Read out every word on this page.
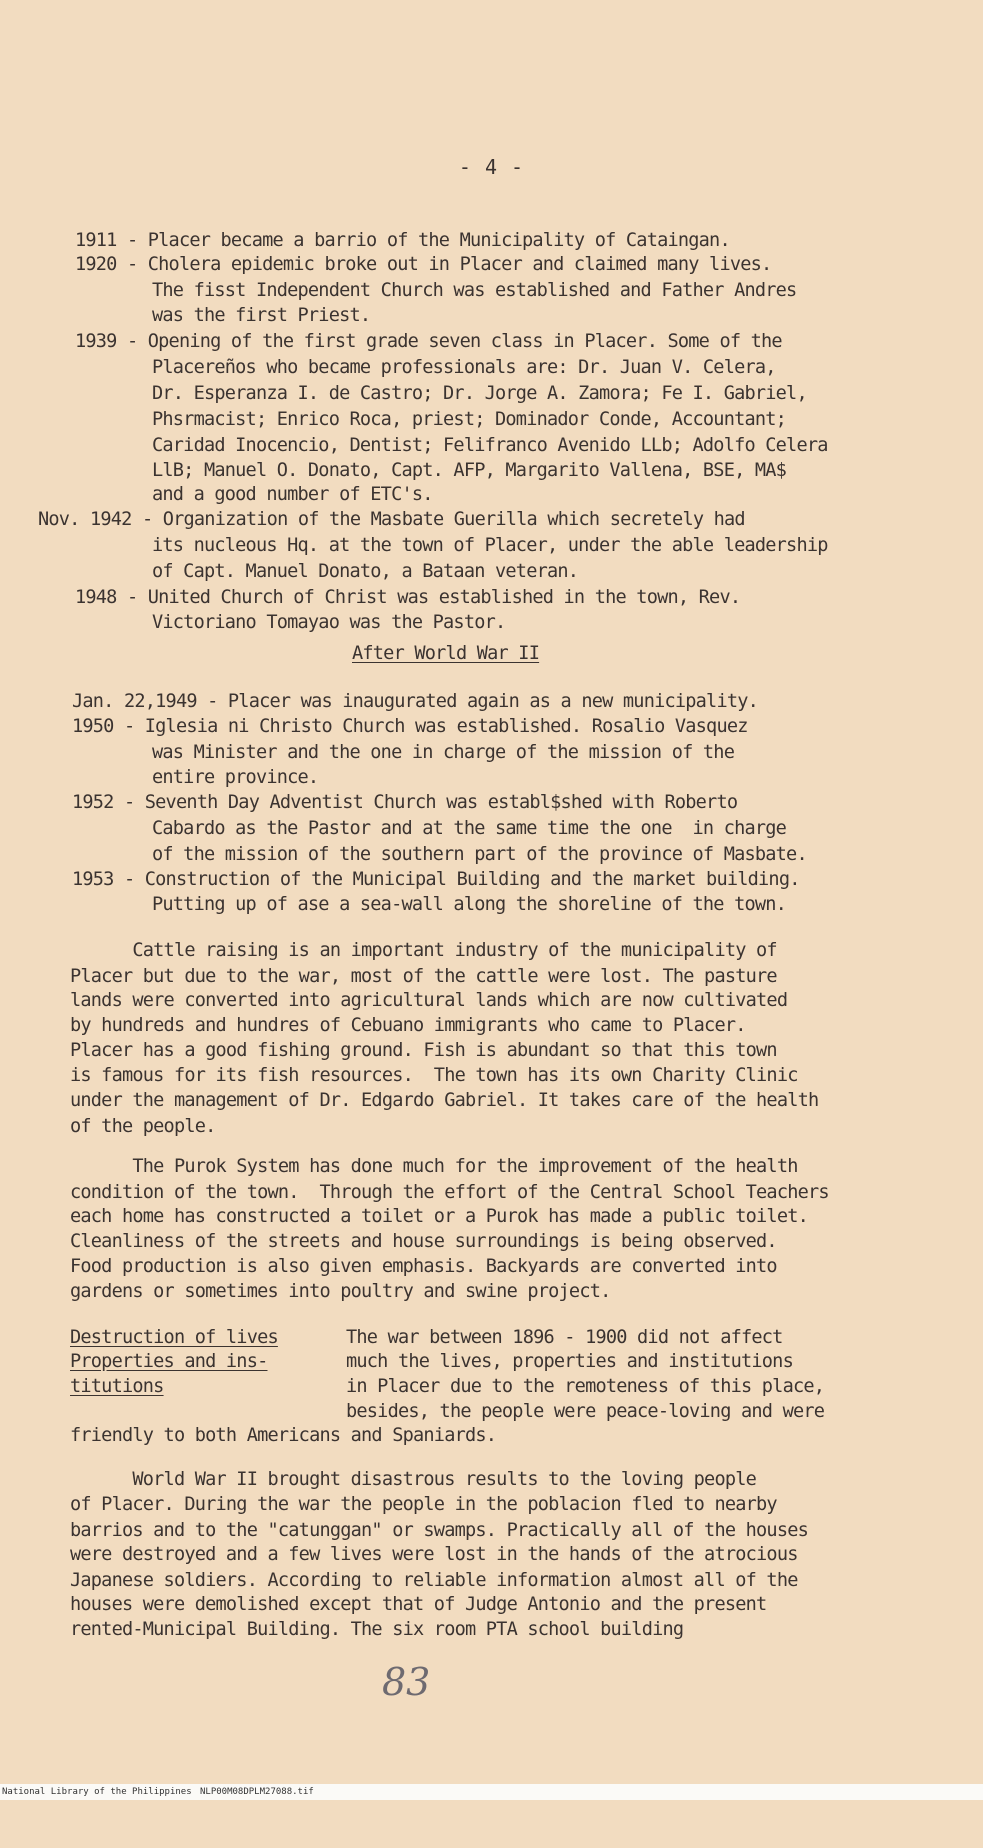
- 4 -
1911 - Placer became a barrio of the Municipality of Cataingan.
1920 - Cholera epidemic broke out in Placer and claimed many lives.
The fisst Independent Church was established and Father Andres
was the first Priest.
1939 - Opening of the first grade seven class in Placer. Some of the
Placereños who became professionals are: Dr. Juan V. Celera,
Dr. Esperanza I. de Castro; Dr. Jorge A. Zamora; Fe I. Gabriel,
Phsrmacist; Enrico Roca, priest; Dominador Conde, Accountant;
Caridad Inocencio, Dentist; Felifranco Avenido LLb; Adolfo Celera
LlB; Manuel O. Donato, Capt. AFP, Margarito Vallena, BSE, MA$
and a good number of ETC's.
Nov. 1942 - Organization of the Masbate Guerilla which secretely had
its nucleous Hq. at the town of Placer, under the able leadership
of Capt. Manuel Donato, a Bataan veteran.
1948 - United Church of Christ was established in the town, Rev.
Victoriano Tomayao was the Pastor.
After World War II
Jan. 22,1949 - Placer was inaugurated again as a new municipality.
1950 - Iglesia ni Christo Church was established. Rosalio Vasquez
was Minister and the one in charge of the mission of the
entire province.
1952 - Seventh Day Adventist Church was establ$shed with Roberto
Cabardo as the Pastor and at the same time the one  in charge
of the mission of the southern part of the province of Masbate.
1953 - Construction of the Municipal Building and the market building.
Putting up of ase a sea-wall along the shoreline of the town.
Cattle raising is an important industry of the municipality of
Placer but due to the war, most of the cattle were lost. The pasture
lands were converted into agricultural lands which are now cultivated
by hundreds and hundres of Cebuano immigrants who came to Placer.
Placer has a good fishing ground. Fish is abundant so that this town
is famous for its fish resources.  The town has its own Charity Clinic
under the management of Dr. Edgardo Gabriel. It takes care of the health
of the people.
The Purok System has done much for the improvement of the health
condition of the town.  Through the effort of the Central School Teachers
each home has constructed a toilet or a Purok has made a public toilet.
Cleanliness of the streets and house surroundings is being observed.
Food production is also given emphasis. Backyards are converted into
gardens or sometimes into poultry and swine project.
Destruction of lives
Properties and ins-
titutions
The war between 1896 - 1900 did not affect
much the lives, properties and institutions
in Placer due to the remoteness of this place,
besides, the people were peace-loving and were
friendly to both Americans and Spaniards.
World War II brought disastrous results to the loving people
of Placer. During the war the people in the poblacion fled to nearby
barrios and to the "catunggan" or swamps. Practically all of the houses
were destroyed and a few lives were lost in the hands of the atrocious
Japanese soldiers. According to reliable information almost all of the
houses were demolished except that of Judge Antonio and the present
rented-Municipal Building. The six room PTA school building
83

National Library of the Philippines

NLP00M08DPLM27088.tif
